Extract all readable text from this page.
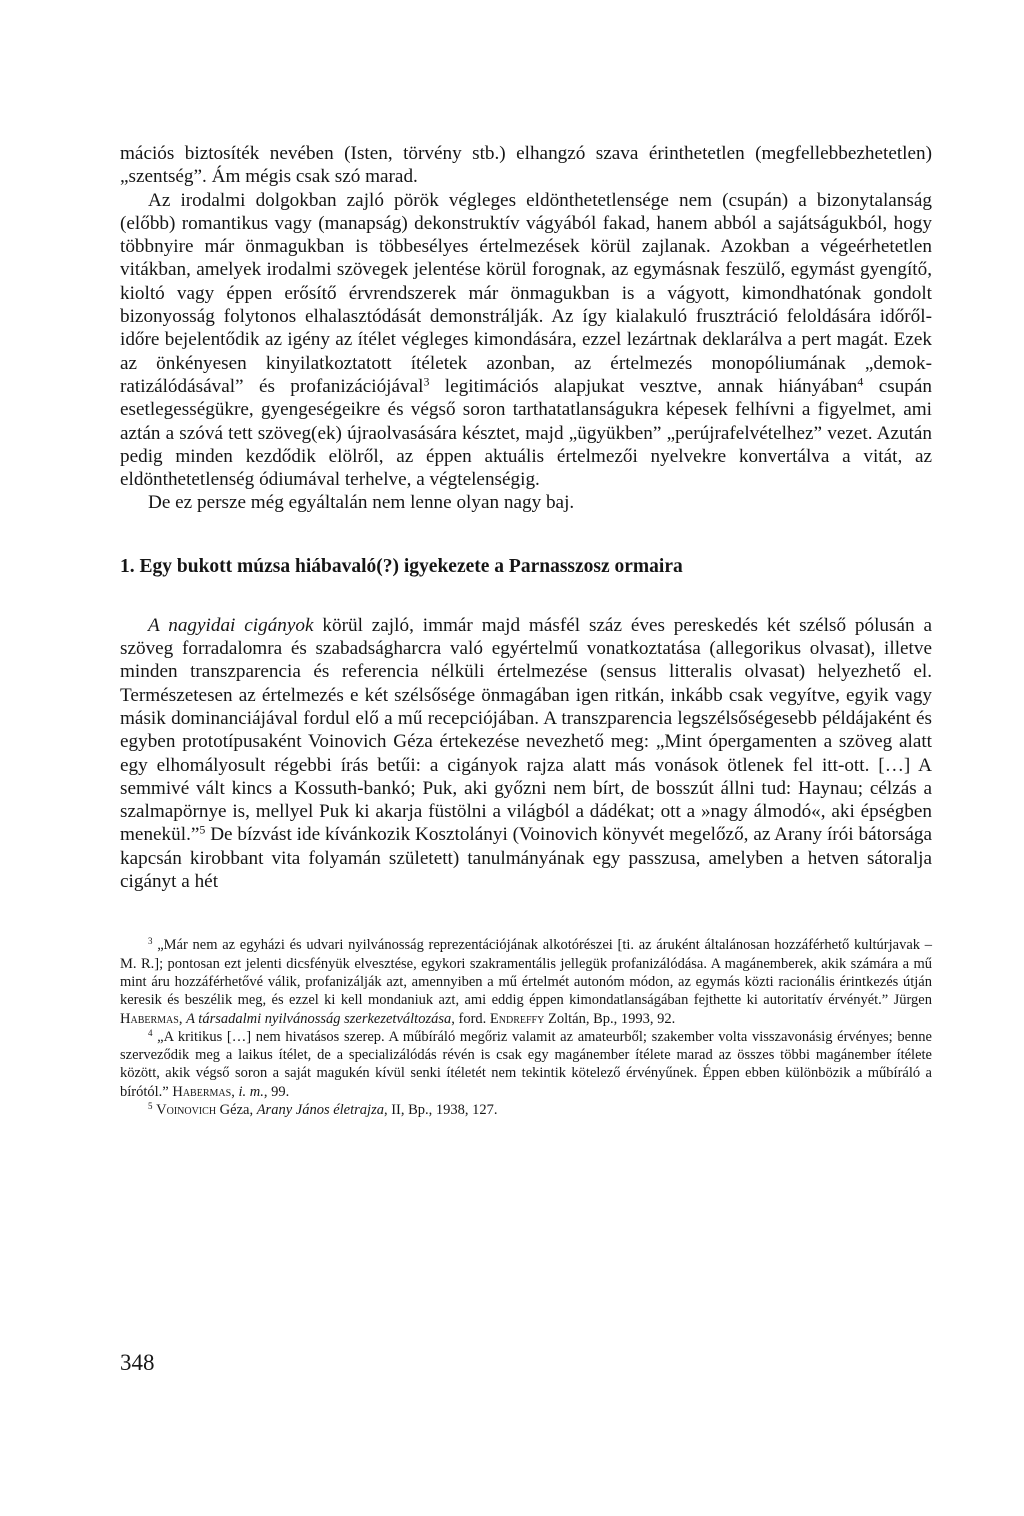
mációs biztosíték nevében (Isten, törvény stb.) elhangzó szava érinthetetlen (megfellebbezhetetlen) „szentség”. Ám mégis csak szó marad.

Az irodalmi dolgokban zajló pörök végleges eldönthetetlensége nem (csupán) a bizonytalanság (előbb) romantikus vagy (manapság) dekonstruktív vágyából fakad, hanem abból a sajátságukból, hogy többnyire már önmagukban is többesélyes értelmezések körül zajlanak. Azokban a végeérhetetlen vitákban, amelyek irodalmi szövegek jelentése körül forognak, az egymásnak feszülő, egymást gyengítő, kioltó vagy éppen erősítő érvrendszerek már önmagukban is a vágyott, kimondhatónak gondolt bizonyosság folytonos elhalasztódását demonstrálják. Az így kialakuló frusztráció feloldására időről-időre bejelentődik az igény az ítélet végleges kimondására, ezzel lezártnak deklarálva a pert magát. Ezek az önkényesen kinyilatkoztatott ítéletek azonban, az értelmezés monopóliumának „demokratizálódásával” és profanizációjával$^3$ legitimációs alapjukat vesztve, annak hiányában$^4$ csupán esetlegességükre, gyengeségeikre és végső soron tarthatatlanságukra képesek felhívni a figyelmet, ami aztán a szóvá tett szöveg(ek) újraolvasására késztet, majd „ügyükben” „perújrafelvételhez” vezet. Azután pedig minden kezdődik elölről, az éppen aktuális értelmezői nyelvekre konvertálva a vitát, az eldönthetetlenség ódiumával terhelve, a végtelenségig.

De ez persze még egyáltalán nem lenne olyan nagy baj.

1. Egy bukott múzsa hiábavaló(?) igyekezete a Parnasszosz ormaira

A nagyidai cigányok körül zajló, immár majd másfél száz éves pereskedés két szélső pólusán a szöveg forradalomra és szabadságharcra való egyértelmű vonatkoztatása (allegorikus olvasat), illetve minden transzparencia és referencia nélküli értelmezése (sensus litteralis olvasat) helyezhető el. Természetesen az értelmezés e két szélsősége önmagában igen ritkán, inkább csak vegyítve, egyik vagy másik dominanciájával fordul elő a mű recepciójában. A transzparencia legszélsőségesebb példájaként és egyben prototípusaként Voinovich Géza értekezése nevezhető meg: „Mint ópergamenten a szöveg alatt egy elhomályosult régebbi írás betűi: a cigányok rajza alatt más vonások ötlenek fel itt-ott. […] A semmivé vált kincs a Kossuth-bankó; Puk, aki győzni nem bírt, de bosszút állni tud: Haynau; célzás a szalmapörnye is, mellyel Puk ki akarja füstölni a világból a dádékat; ott a »nagy álmodó«, aki épségben menekül.”$^5$ De bízvást ide kívánkozik Kosztolányi (Voinovich könyvét megelőző, az Arany írói bátorsága kapcsán kirobbant vita folyamán született) tanulmányának egy passzusa, amelyben a hetven sátoralja cigányt a hét

$^3$ „Már nem az egyházi és udvari nyilvánosság reprezentációjának alkotórészei [ti. az áruként általánosan hozzáférhető kultúrjavak – M. R.]; pontosan ezt jelenti dicsfényük elvesztése, egykori szakramentális jellegük profanizálódása. A magánemberek, akik számára a mű mint áru hozzáférhetővé válik, profanizálják azt, amennyiben a mű értelmét autonóm módon, az egymás közti racionális érintkezés útján keresik és beszélik meg, és ezzel ki kell mondaniuk azt, ami eddig éppen kimondatlanságában fejthette ki autoritatív érvényét.” Jürgen Habermas, A társadalmi nyilvánosság szerkezetváltozása, ford. Endreffy Zoltán, Bp., 1993, 92.

$^4$ „A kritikus […] nem hivatásos szerep. A műbíráló megőriz valamit az amateurből; szakember volta visszavonásig érvényes; benne szerveződik meg a laikus ítélet, de a specializálódás révén is csak egy magánember ítélete marad az összes többi magánember ítélete között, akik végső soron a saját magukén kívül senki ítéletét nem tekintik kötelező érvényűnek. Éppen ebben különbözik a műbíráló a bírótól.” Habermas, i. m., 99.

$^5$ Voinovich Géza, Arany János életrajza, II, Bp., 1938, 127.

348
